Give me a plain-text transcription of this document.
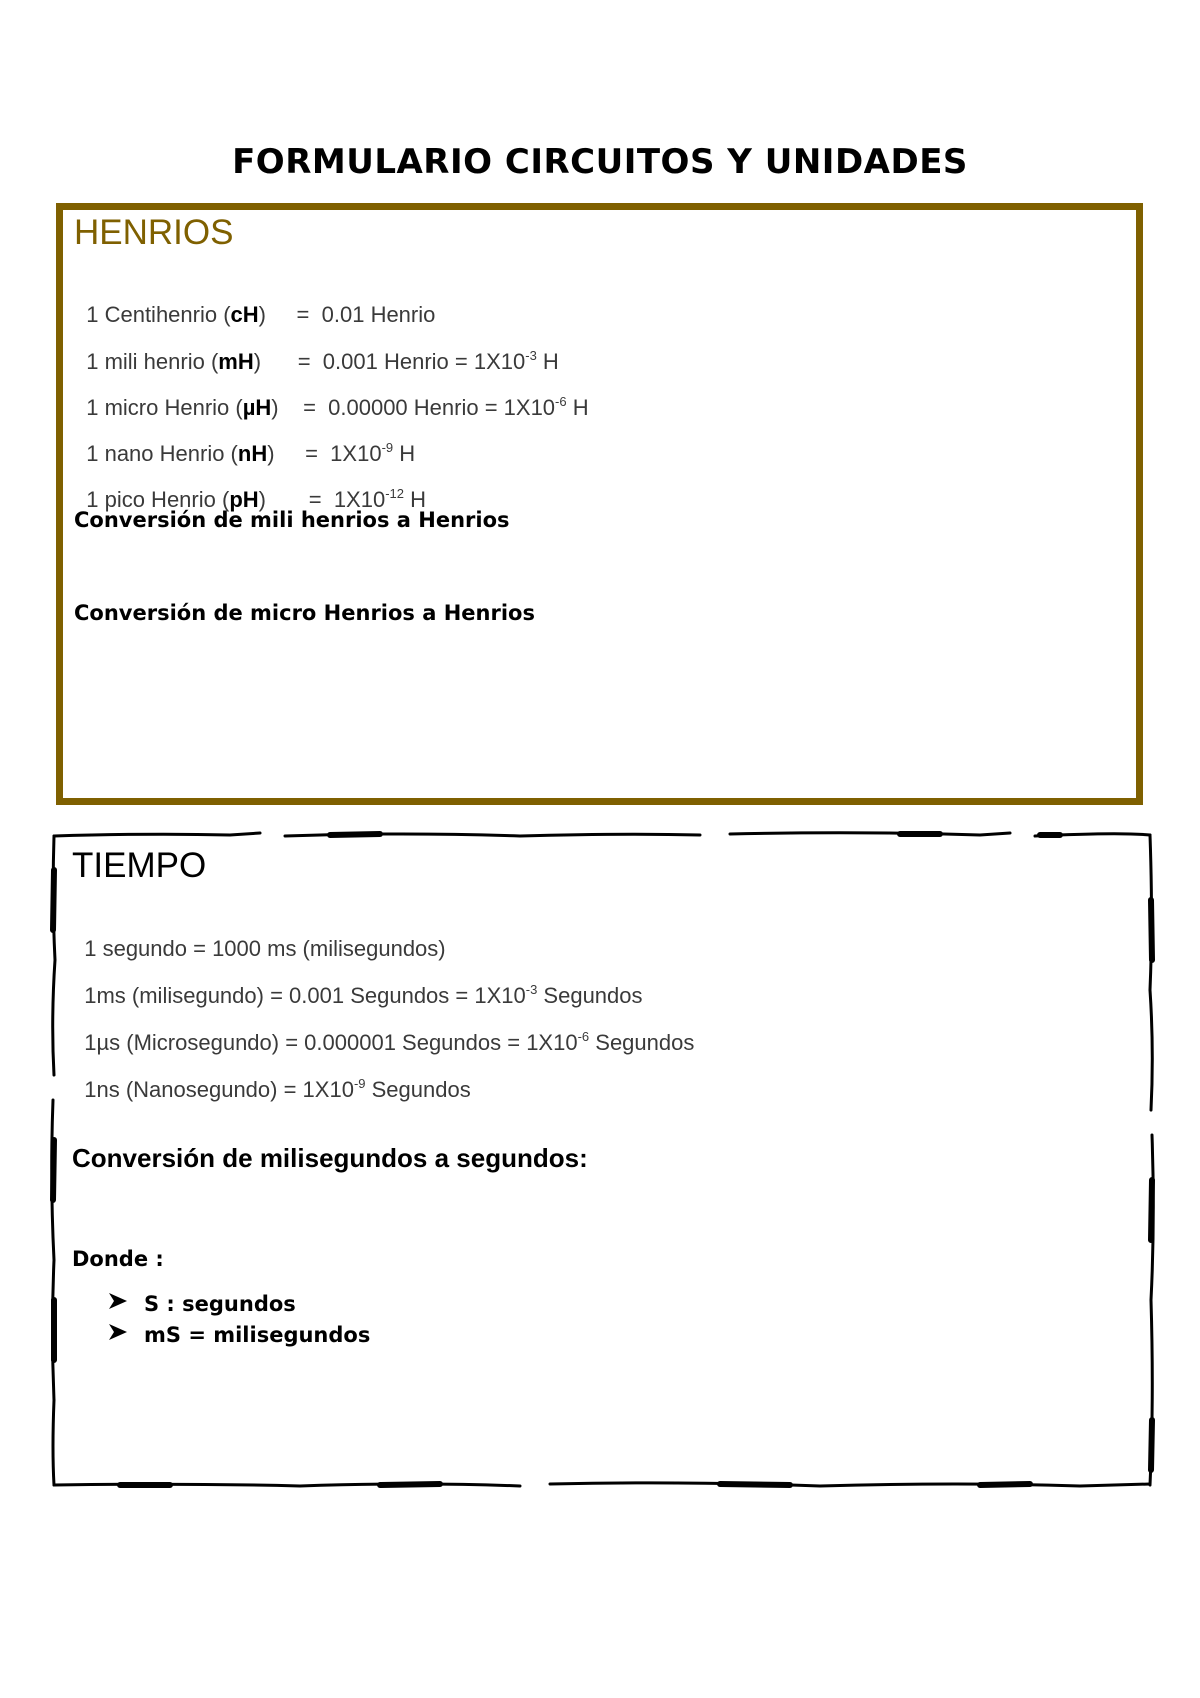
FORMULARIO CIRCUITOS Y UNIDADES
HENRIOS

1 Centihenrio (cH)     =  0.01 Henrio

1 mili henrio (mH)      =  0.001 Henrio = $1X10^{-3}$ H

1 micro Henrio (µH)    =  0.00000 Henrio = $1X10^{-6}$ H

1 nano Henrio (nH)     =  $1X10^{-9}$ H

1 pico Henrio (pH)       =  $1X10^{-12}$ H

Conversión de mili henrios a Henrios
Conversión de micro Henrios a Henrios
TIEMPO

1 segundo = 1000 ms (milisegundos)

1ms (milisegundo) = 0.001 Segundos = $1X10^{-3}$ Segundos

1µs (Microsegundo) = 0.000001 Segundos = $1X10^{-6}$ Segundos

1ns (Nanosegundo) = $1X10^{-9}$ Segundos

Conversión de milisegundos a segundos:
Donde :
S : segundos
mS = milisegundos
